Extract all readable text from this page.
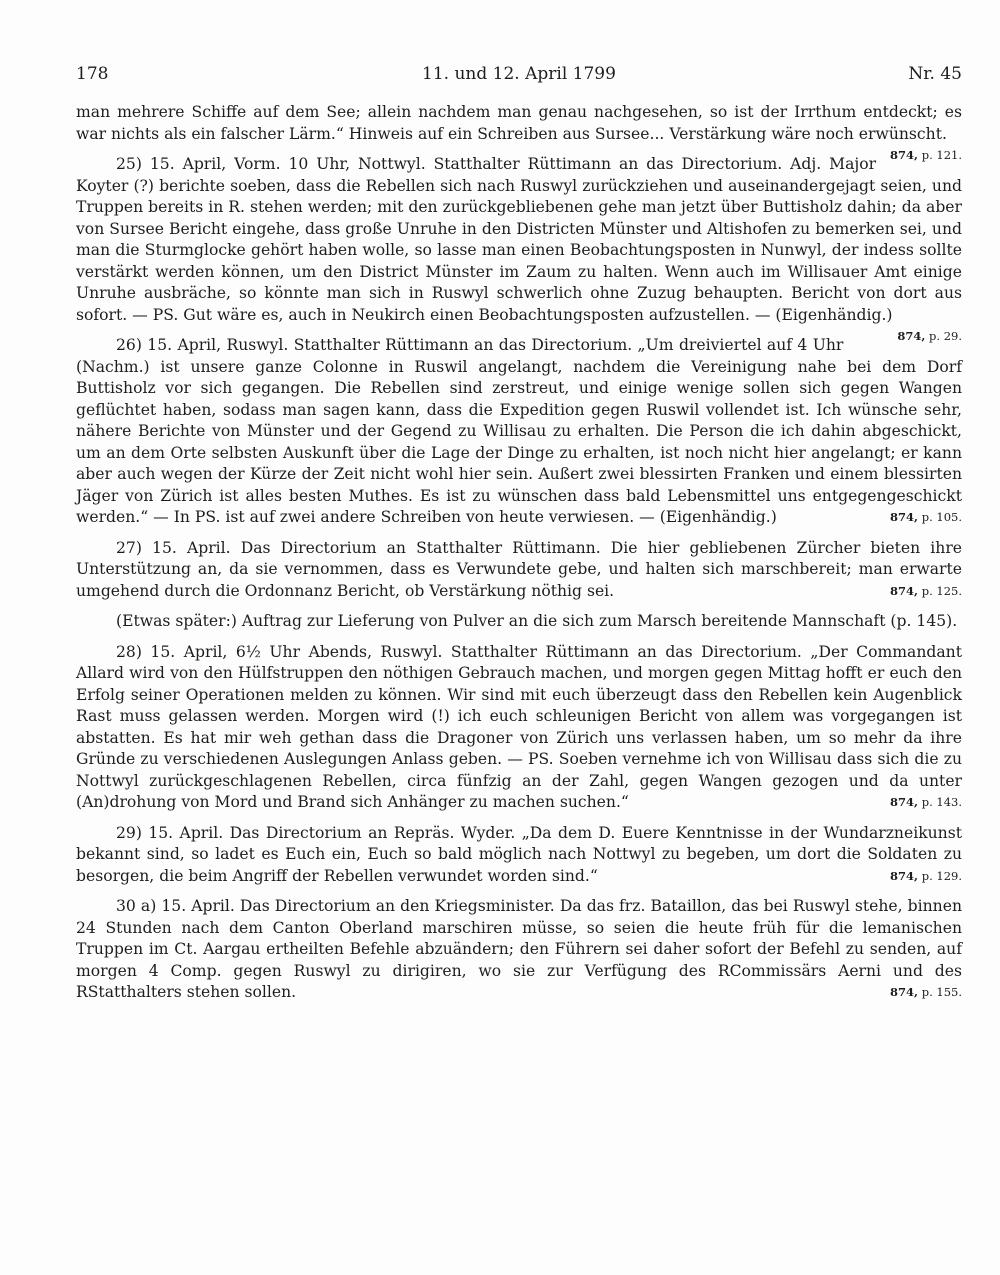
178	11. und 12. April 1799	Nr. 45

man mehrere Schiffe auf dem See; allein nachdem man genau nachgesehen, so ist der Irrthum entdeckt; es war nichts als ein falscher Lärm.“ Hinweis auf ein Schreiben aus Sursee... Verstärkung wäre noch erwünscht.
874, p. 121.

25) 15. April, Vorm. 10 Uhr, Nottwyl. Statthalter Rüttimann an das Directorium. Adj. Major Koyter (?) berichte soeben, dass die Rebellen sich nach Ruswyl zurückziehen und auseinandergejagt seien, und Truppen bereits in R. stehen werden; mit den zurückgebliebenen gehe man jetzt über Buttisholz dahin; da aber von Sursee Bericht eingehe, dass große Unruhe in den Districten Münster und Altishofen zu bemerken sei, und man die Sturmglocke gehört haben wolle, so lasse man einen Beobachtungsposten in Nunwyl, der indess sollte verstärkt werden können, um den District Münster im Zaum zu halten. Wenn auch im Willisauer Amt einige Unruhe ausbräche, so könnte man sich in Ruswyl schwerlich ohne Zuzug behaupten. Bericht von dort aus sofort. — PS. Gut wäre es, auch in Neukirch einen Beobachtungsposten aufzustellen. — (Eigenhändig.)
874, p. 29.

26) 15. April, Ruswyl. Statthalter Rüttimann an das Directorium. „Um dreiviertel auf 4 Uhr (Nachm.) ist unsere ganze Colonne in Ruswil angelangt, nachdem die Vereinigung nahe bei dem Dorf Buttisholz vor sich gegangen. Die Rebellen sind zerstreut, und einige wenige sollen sich gegen Wangen geflüchtet haben, sodass man sagen kann, dass die Expedition gegen Ruswil vollendet ist. Ich wünsche sehr, nähere Berichte von Münster und der Gegend zu Willisau zu erhalten. Die Person die ich dahin abgeschickt, um an dem Orte selbsten Auskunft über die Lage der Dinge zu erhalten, ist noch nicht hier angelangt; er kann aber auch wegen der Kürze der Zeit nicht wohl hier sein. Außert zwei blessirten Franken und einem blessirten Jäger von Zürich ist alles besten Muthes. Es ist zu wünschen dass bald Lebensmittel uns entgegengeschickt werden.“ — In PS. ist auf zwei andere Schreiben von heute verwiesen. — (Eigenhändig.)	874, p. 105.

27) 15. April. Das Directorium an Statthalter Rüttimann. Die hier gebliebenen Zürcher bieten ihre Unterstützung an, da sie vernommen, dass es Verwundete gebe, und halten sich marschbereit; man erwarte umgehend durch die Ordonnanz Bericht, ob Verstärkung nöthig sei.	874, p. 125.

(Etwas später:) Auftrag zur Lieferung von Pulver an die sich zum Marsch bereitende Mannschaft (p. 145).

28) 15. April, 6½ Uhr Abends, Ruswyl. Statthalter Rüttimann an das Directorium. „Der Commandant Allard wird von den Hülfstruppen den nöthigen Gebrauch machen, und morgen gegen Mittag hofft er euch den Erfolg seiner Operationen melden zu können. Wir sind mit euch überzeugt dass den Rebellen kein Augenblick Rast muss gelassen werden. Morgen wird (!) ich euch schleunigen Bericht von allem was vorgegangen ist abstatten. Es hat mir weh gethan dass die Dragoner von Zürich uns verlassen haben, um so mehr da ihre Gründe zu verschiedenen Auslegungen Anlass geben. — PS. Soeben vernehme ich von Willisau dass sich die zu Nottwyl zurückgeschlagenen Rebellen, circa fünfzig an der Zahl, gegen Wangen gezogen und da unter (An)drohung von Mord und Brand sich Anhänger zu machen suchen.“	874, p. 143.

29) 15. April. Das Directorium an Repräs. Wyder. „Da dem D. Euere Kenntnisse in der Wundarzneikunst bekannt sind, so ladet es Euch ein, Euch so bald möglich nach Nottwyl zu begeben, um dort die Soldaten zu besorgen, die beim Angriff der Rebellen verwundet worden sind.“	874, p. 129.

30 a) 15. April. Das Directorium an den Kriegsminister. Da das frz. Bataillon, das bei Ruswyl stehe, binnen 24 Stunden nach dem Canton Oberland marschiren müsse, so seien die heute früh für die lemanischen Truppen im Ct. Aargau ertheilten Befehle abzuändern; den Führern sei daher sofort der Befehl zu senden, auf morgen 4 Comp. gegen Ruswyl zu dirigiren, wo sie zur Verfügung des RCommissärs Aerni und des RStatthalters stehen sollen.	874, p. 155.
